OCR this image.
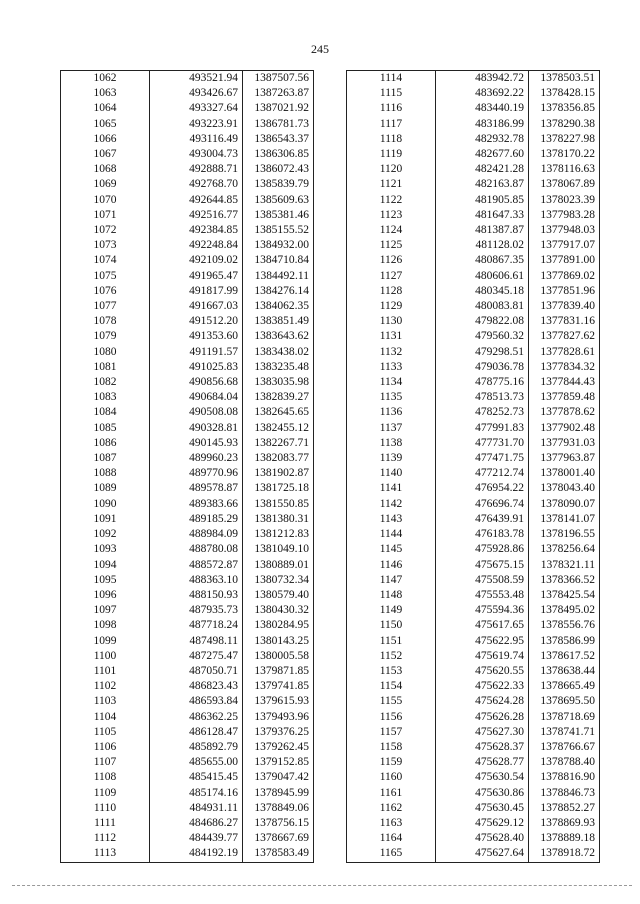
245
1062	493521.94	1387507.56
1063	493426.67	1387263.87
1064	493327.64	1387021.92
1065	493223.91	1386781.73
1066	493116.49	1386543.37
1067	493004.73	1386306.85
1068	492888.71	1386072.43
1069	492768.70	1385839.79
1070	492644.85	1385609.63
1071	492516.77	1385381.46
1072	492384.85	1385155.52
1073	492248.84	1384932.00
1074	492109.02	1384710.84
1075	491965.47	1384492.11
1076	491817.99	1384276.14
1077	491667.03	1384062.35
1078	491512.20	1383851.49
1079	491353.60	1383643.62
1080	491191.57	1383438.02
1081	491025.83	1383235.48
1082	490856.68	1383035.98
1083	490684.04	1382839.27
1084	490508.08	1382645.65
1085	490328.81	1382455.12
1086	490145.93	1382267.71
1087	489960.23	1382083.77
1088	489770.96	1381902.87
1089	489578.87	1381725.18
1090	489383.66	1381550.85
1091	489185.29	1381380.31
1092	488984.09	1381212.83
1093	488780.08	1381049.10
1094	488572.87	1380889.01
1095	488363.10	1380732.34
1096	488150.93	1380579.40
1097	487935.73	1380430.32
1098	487718.24	1380284.95
1099	487498.11	1380143.25
1100	487275.47	1380005.58
1101	487050.71	1379871.85
1102	486823.43	1379741.85
1103	486593.84	1379615.93
1104	486362.25	1379493.96
1105	486128.47	1379376.25
1106	485892.79	1379262.45
1107	485655.00	1379152.85
1108	485415.45	1379047.42
1109	485174.16	1378945.99
1110	484931.11	1378849.06
1111	484686.27	1378756.15
1112	484439.77	1378667.69
1113	484192.19	1378583.49
1114	483942.72	1378503.51
1115	483692.22	1378428.15
1116	483440.19	1378356.85
1117	483186.99	1378290.38
1118	482932.78	1378227.98
1119	482677.60	1378170.22
1120	482421.28	1378116.63
1121	482163.87	1378067.89
1122	481905.85	1378023.39
1123	481647.33	1377983.28
1124	481387.87	1377948.03
1125	481128.02	1377917.07
1126	480867.35	1377891.00
1127	480606.61	1377869.02
1128	480345.18	1377851.96
1129	480083.81	1377839.40
1130	479822.08	1377831.16
1131	479560.32	1377827.62
1132	479298.51	1377828.61
1133	479036.78	1377834.32
1134	478775.16	1377844.43
1135	478513.73	1377859.48
1136	478252.73	1377878.62
1137	477991.83	1377902.48
1138	477731.70	1377931.03
1139	477471.75	1377963.87
1140	477212.74	1378001.40
1141	476954.22	1378043.40
1142	476696.74	1378090.07
1143	476439.91	1378141.07
1144	476183.78	1378196.55
1145	475928.86	1378256.64
1146	475675.15	1378321.11
1147	475508.59	1378366.52
1148	475553.48	1378425.54
1149	475594.36	1378495.02
1150	475617.65	1378556.76
1151	475622.95	1378586.99
1152	475619.74	1378617.52
1153	475620.55	1378638.44
1154	475622.33	1378665.49
1155	475624.28	1378695.50
1156	475626.28	1378718.69
1157	475627.30	1378741.71
1158	475628.37	1378766.67
1159	475628.77	1378788.40
1160	475630.54	1378816.90
1161	475630.86	1378846.73
1162	475630.45	1378852.27
1163	475629.12	1378869.93
1164	475628.40	1378889.18
1165	475627.64	1378918.72
